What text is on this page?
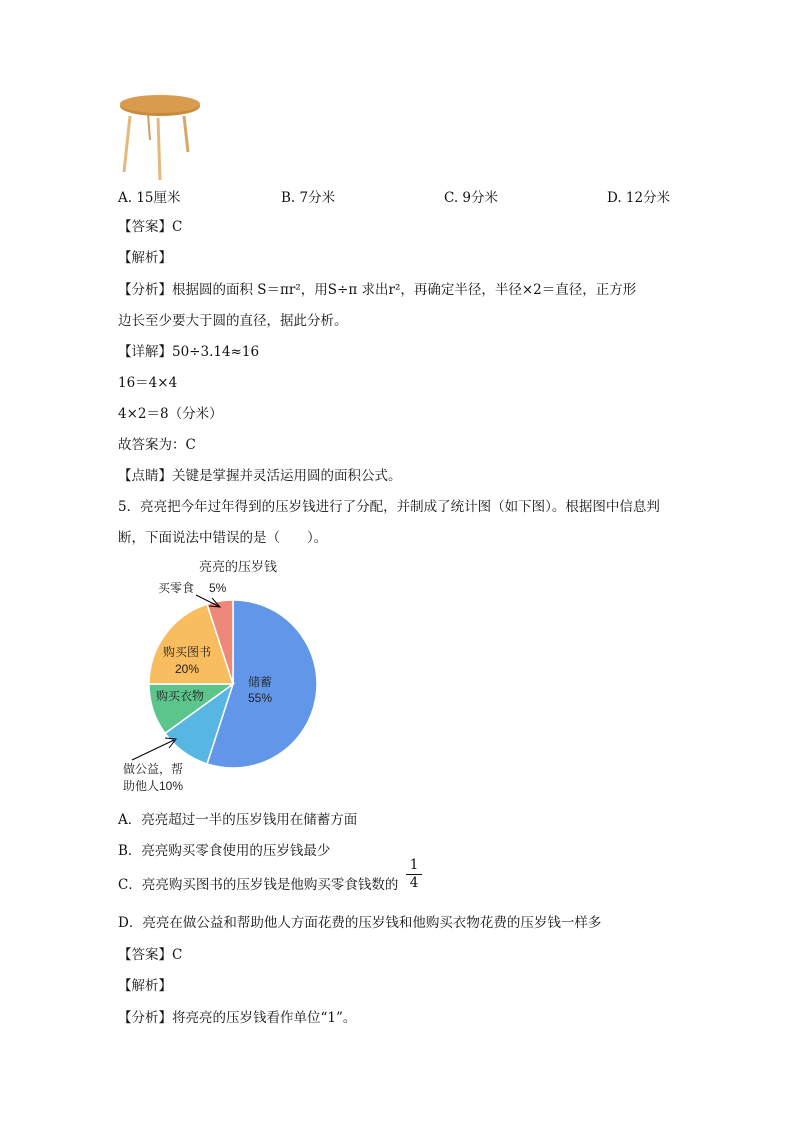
A. 15厘米	B. 7分米	C. 9分米	D. 12分米
【答案】C
【解析】
【分析】根据圆的面积 S＝πr²，用S÷π 求出r²，再确定半径，半径×2＝直径，正方形
边长至少要大于圆的直径，据此分析。
【详解】50÷3.14≈16
16＝4×4
4×2＝8（分米）
故答案为：C
【点睛】关键是掌握并灵活运用圆的面积公式。
5．亮亮把今年过年得到的压岁钱进行了分配，并制成了统计图（如下图）。根据图中信息判
断，下面说法中错误的是（　　）。
亮亮的压岁钱
储蓄
55%
购买图书
20%
购买衣物
买零食 5%
做公益，帮
助他人10%
A．亮亮超过一半的压岁钱用在储蓄方面
B．亮亮购买零食使用的压岁钱最少
C．亮亮购买图书的压岁钱是他购买零食钱数的
1
4
D．亮亮在做公益和帮助他人方面花费的压岁钱和他购买衣物花费的压岁钱一样多
【答案】C
【解析】
【分析】将亮亮的压岁钱看作单位“1”。
